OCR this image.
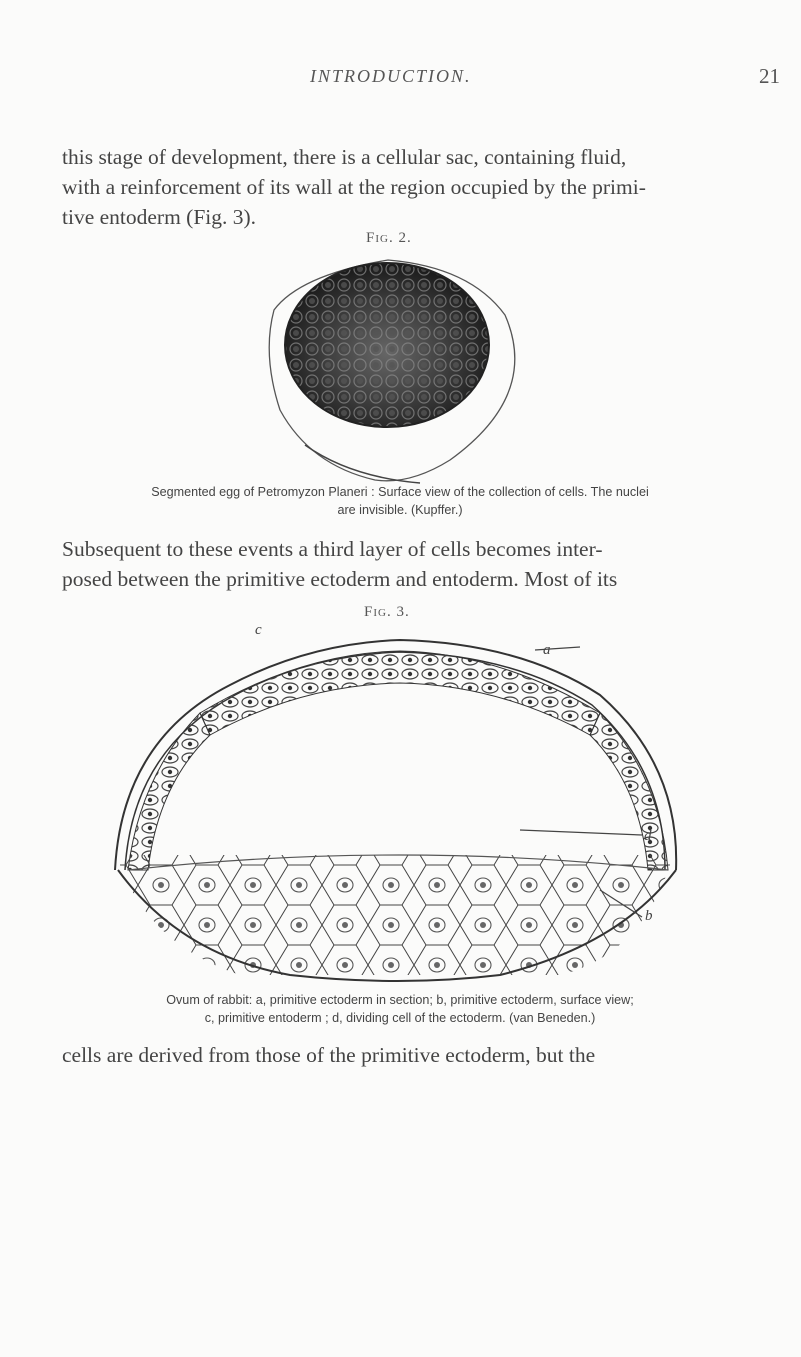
INTRODUCTION.	21
this stage of development, there is a cellular sac, containing fluid,
with a reinforcement of its wall at the region occupied by the primi-
tive entoderm (Fig. 3).
Fig. 2.
Segmented egg of Petromyzon Planeri : Surface view of the collection of cells. The nuclei
are invisible. (Kupffer.)
Subsequent to these events a third layer of cells becomes inter-
posed between the primitive ectoderm and entoderm. Most of its
Fig. 3.
c
a
b
Ovum of rabbit: a, primitive ectoderm in section; b, primitive ectoderm, surface view;
c, primitive entoderm ; d, dividing cell of the ectoderm. (van Beneden.)
cells are derived from those of the primitive ectoderm, but the
